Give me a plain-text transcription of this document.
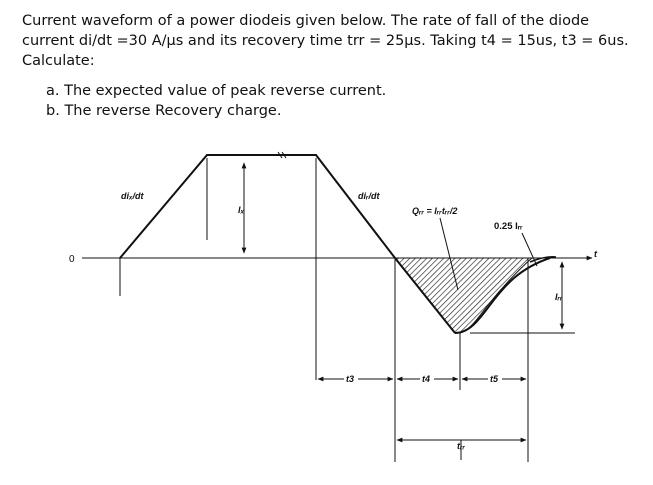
Current waveform of a power diodeis given below. The rate of fall of the diode current di/dt =30 A/μs and its recovery time trr = 25μs. Taking t4 = 15us, t3 = 6us. Calculate:

a. The expected value of peak reverse current.
b. The reverse Recovery charge.
0	t
Iₓ
Iᵣᵣ
t3	t4	t5
tᵣᵣ
diₓ/dt	diᵣ/dt
Qᵣᵣ = Iᵣᵣtᵣᵣ/2
0.25 Iᵣᵣ
